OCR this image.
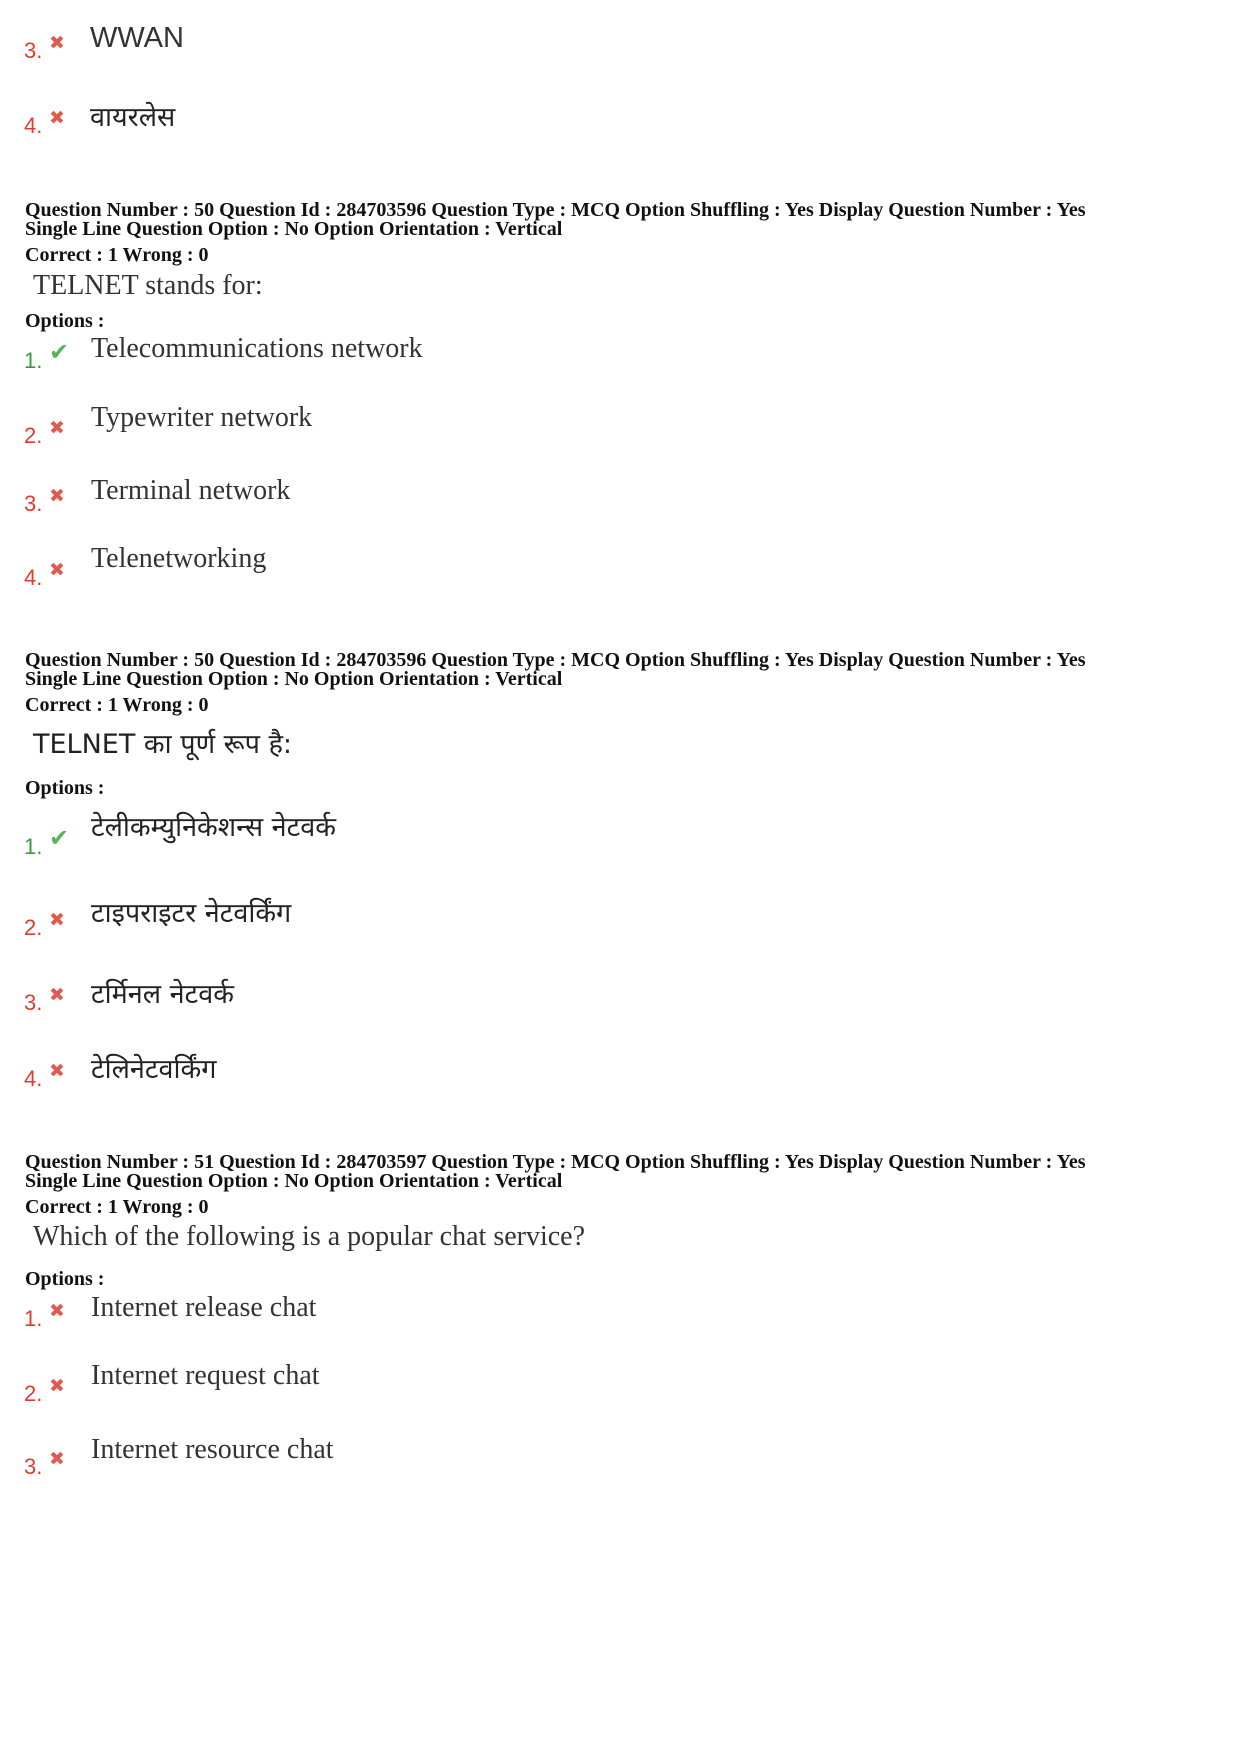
3. ✖ WWAN
4. ✖ वायरलेस
Question Number : 50 Question Id : 284703596 Question Type : MCQ Option Shuffling : Yes Display Question Number : Yes
Single Line Question Option : No Option Orientation : Vertical
Correct : 1 Wrong : 0
TELNET stands for:
Options :
1. ✔ Telecommunications network
2. ✖ Typewriter network
3. ✖ Terminal network
4. ✖ Telenetworking
Question Number : 50 Question Id : 284703596 Question Type : MCQ Option Shuffling : Yes Display Question Number : Yes
Single Line Question Option : No Option Orientation : Vertical
Correct : 1 Wrong : 0
TELNET का पूर्ण रूप है:
Options :
1. ✔ टेलीकम्युनिकेशन्स नेटवर्क
2. ✖ टाइपराइटर नेटवर्किंग
3. ✖ टर्मिनल नेटवर्क
4. ✖ टेलिनेटवर्किंग
Question Number : 51 Question Id : 284703597 Question Type : MCQ Option Shuffling : Yes Display Question Number : Yes
Single Line Question Option : No Option Orientation : Vertical
Correct : 1 Wrong : 0
Which of the following is a popular chat service?
Options :
1. ✖ Internet release chat
2. ✖ Internet request chat
3. ✖ Internet resource chat
